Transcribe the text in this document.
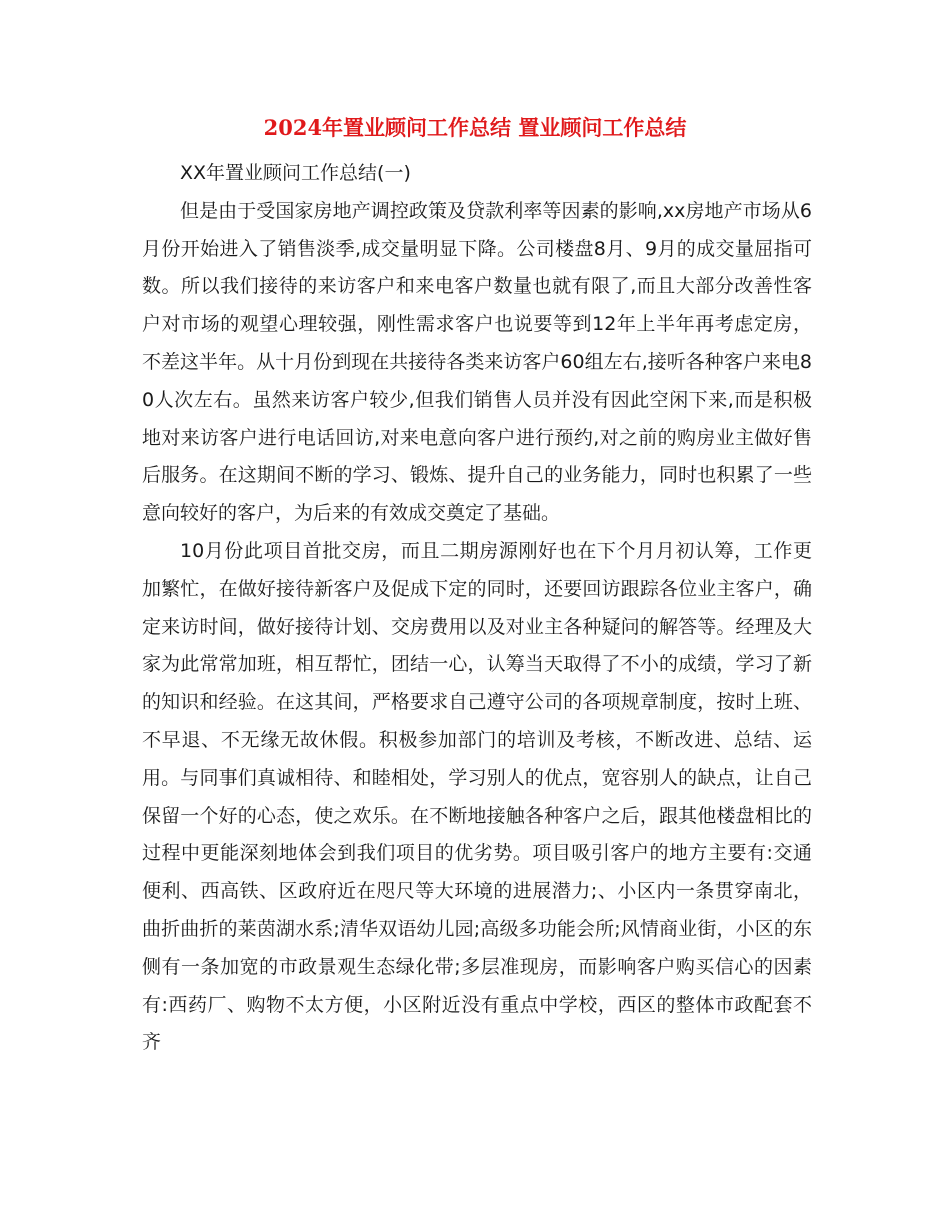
2024年置业顾问工作总结 置业顾问工作总结

XX年置业顾问工作总结(一)

但是由于受国家房地产调控政策及贷款利率等因素的影响,xx房地产市场从6月份开始进入了销售淡季,成交量明显下降。公司楼盘8月、9月的成交量屈指可数。所以我们接待的来访客户和来电客户数量也就有限了,而且大部分改善性客户对市场的观望心理较强，刚性需求客户也说要等到12年上半年再考虑定房，不差这半年。从十月份到现在共接待各类来访客户60组左右,接听各种客户来电80人次左右。虽然来访客户较少,但我们销售人员并没有因此空闲下来,而是积极地对来访客户进行电话回访,对来电意向客户进行预约,对之前的购房业主做好售后服务。在这期间不断的学习、锻炼、提升自己的业务能力，同时也积累了一些意向较好的客户，为后来的有效成交奠定了基础。

10月份此项目首批交房，而且二期房源刚好也在下个月月初认筹，工作更加繁忙，在做好接待新客户及促成下定的同时，还要回访跟踪各位业主客户，确定来访时间，做好接待计划、交房费用以及对业主各种疑问的解答等。经理及大家为此常常加班，相互帮忙，团结一心，认筹当天取得了不小的成绩，学习了新的知识和经验。在这其间，严格要求自己遵守公司的各项规章制度，按时上班、不早退、不无缘无故休假。积极参加部门的培训及考核，不断改进、总结、运用。与同事们真诚相待、和睦相处，学习别人的优点，宽容别人的缺点，让自己保留一个好的心态，使之欢乐。在不断地接触各种客户之后，跟其他楼盘相比的过程中更能深刻地体会到我们项目的优劣势。项目吸引客户的地方主要有:交通便利、西高铁、区政府近在咫尺等大环境的进展潜力;、小区内一条贯穿南北，曲折曲折的莱茵湖水系;清华双语幼儿园;高级多功能会所;风情商业街，小区的东侧有一条加宽的市政景观生态绿化带;多层准现房，而影响客户购买信心的因素有:西药厂、购物不太方便，小区附近没有重点中学校，西区的整体市政配套不齐
